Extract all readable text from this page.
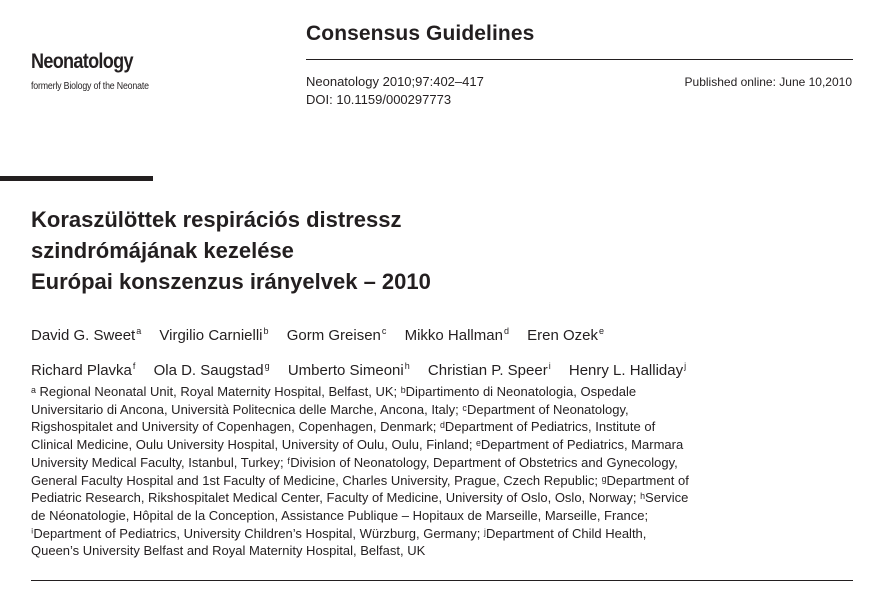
Neonatology
formerly Biology of the Neonate
Consensus Guidelines
Neonatology 2010;97:402–417
DOI: 10.1159/000297773
Published online: June 10,2010
Koraszülöttek respirációs distressz
szindrómájának kezelése
Európai konszenzus irányelvek – 2010
David G. Sweet$^a$ Virgilio Carnielli$^b$ Gorm Greisen$^c$ Mikko Hallman$^d$ Eren Ozek$^e$
Richard Plavka$^f$ Ola D. Saugstad$^g$ Umberto Simeoni$^h$ Christian P. Speer$^i$ Henry L. Halliday$^j$
ᵃ Regional Neonatal Unit, Royal Maternity Hospital, Belfast, UK; ᵇDipartimento di Neonatologia, Ospedale
Universitario di Ancona, Università Politecnica delle Marche, Ancona, Italy; ᶜDepartment of Neonatology,
Rigshospitalet and University of Copenhagen, Copenhagen, Denmark; ᵈDepartment of Pediatrics, Institute of
Clinical Medicine, Oulu University Hospital, University of Oulu, Oulu, Finland; ᵉDepartment of Pediatrics, Marmara
University Medical Faculty, Istanbul, Turkey; ᶠDivision of Neonatology, Department of Obstetrics and Gynecology,
General Faculty Hospital and 1st Faculty of Medicine, Charles University, Prague, Czech Republic; ᵍDepartment of
Pediatric Research, Rikshospitalet Medical Center, Faculty of Medicine, University of Oslo, Oslo, Norway; ʰService
de Néonatologie, Hôpital de la Conception, Assistance Publique – Hopitaux de Marseille, Marseille, France;
ⁱDepartment of Pediatrics, University Children’s Hospital, Würzburg, Germany; ʲDepartment of Child Health,
Queen’s University Belfast and Royal Maternity Hospital, Belfast, UK
